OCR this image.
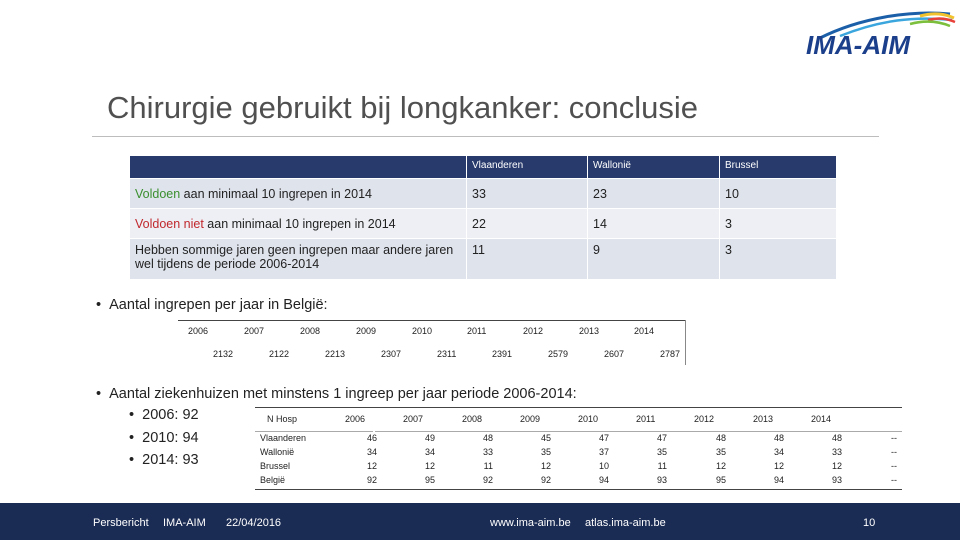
IMA-AIM
Chirurgie gebruikt bij longkanker: conclusie
	Vlaanderen	Wallonië	Brussel
Voldoen aan minimaal 10 ingrepen in 2014	33	23	10
Voldoen niet aan minimaal 10 ingrepen in 2014	22	14	3
Hebben sommige jaren geen ingrepen maar andere jaren wel tijdens de periode 2006-2014	11	9	3
•  Aantal ingrepen per jaar in België:
2006	2007	2008	2009	2010	2011	2012	2013	2014
2132	2122	2213	2307	2311	2391	2579	2607	2787
•  Aantal ziekenhuizen met minstens 1 ingreep per jaar periode 2006-2014:
•  2006: 92
•  2010: 94
•  2014: 93
N Hosp	2006	2007	2008	2009	2010	2011	2012	2013	2014
Vlaanderen	46	49	48	45	47	47	48	48	48	--
Wallonië	34	34	33	35	37	35	35	34	33	--
Brussel	12	12	11	12	10	11	12	12	12	--
België	92	95	92	92	94	93	95	94	93	--
Persbericht IMA-AIM 22/04/2016	www.ima-aim.be atlas.ima-aim.be	10
